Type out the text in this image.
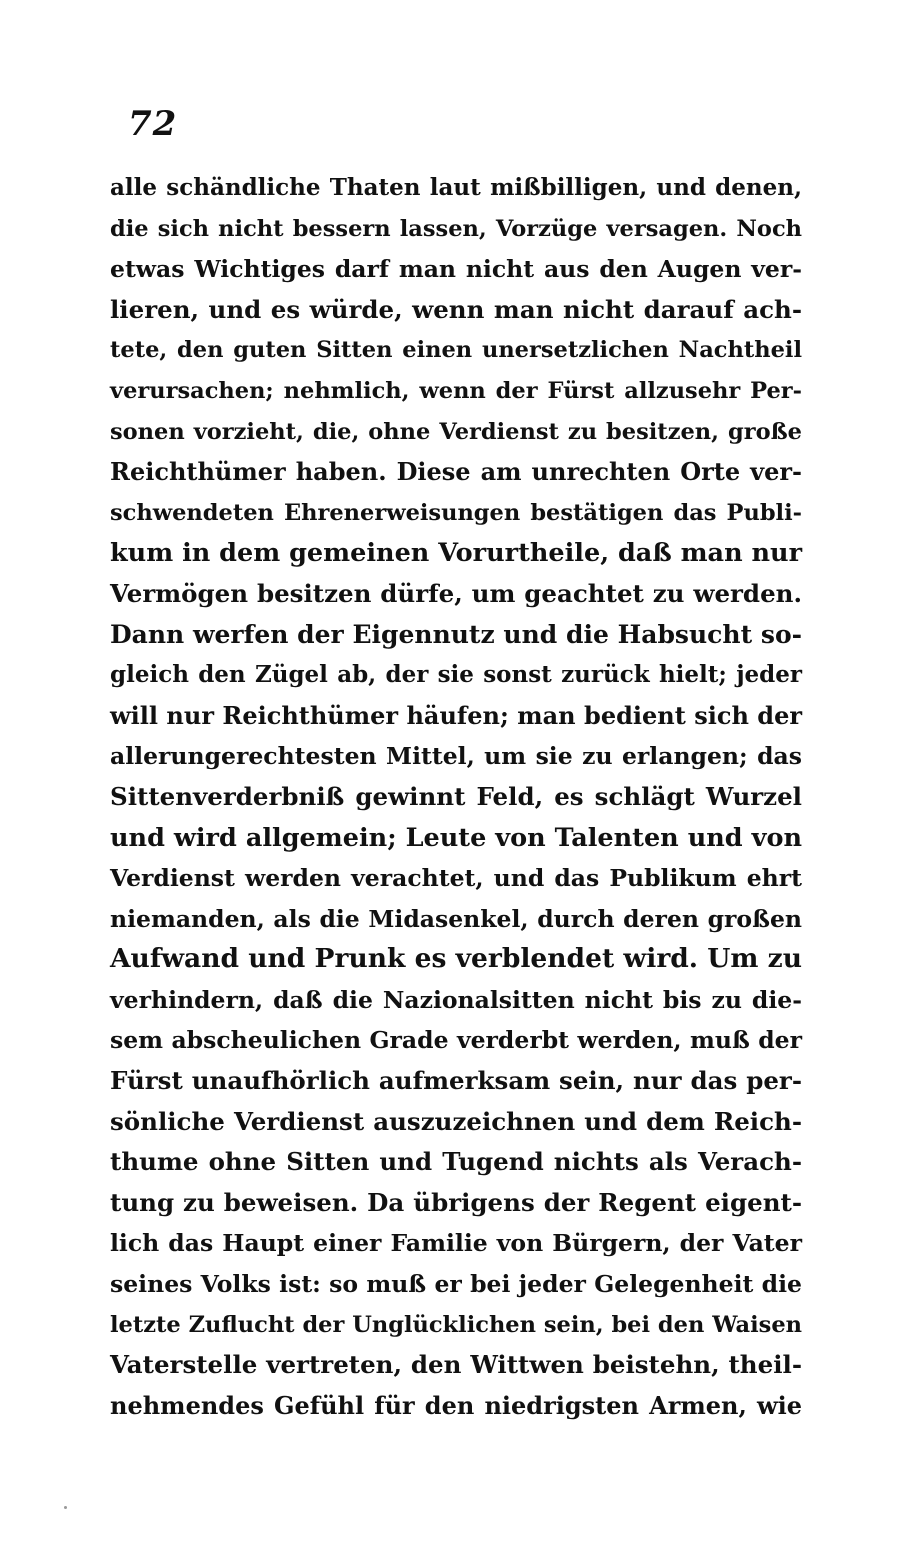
72
alle schändliche Thaten laut mißbilligen, und denen,
die sich nicht bessern lassen, Vorzüge versagen. Noch
etwas Wichtiges darf man nicht aus den Augen ver-
lieren, und es würde, wenn man nicht darauf ach-
tete, den guten Sitten einen unersetzlichen Nachtheil
verursachen; nehmlich, wenn der Fürst allzusehr Per-
sonen vorzieht, die, ohne Verdienst zu besitzen, große
Reichthümer haben. Diese am unrechten Orte ver-
schwendeten Ehrenerweisungen bestätigen das Publi-
kum in dem gemeinen Vorurtheile, daß man nur
Vermögen besitzen dürfe, um geachtet zu werden.
Dann werfen der Eigennutz und die Habsucht so-
gleich den Zügel ab, der sie sonst zurück hielt; jeder
will nur Reichthümer häufen; man bedient sich der
allerungerechtesten Mittel, um sie zu erlangen; das
Sittenverderbniß gewinnt Feld, es schlägt Wurzel
und wird allgemein; Leute von Talenten und von
Verdienst werden verachtet, und das Publikum ehrt
niemanden, als die Midasenkel, durch deren großen
Aufwand und Prunk es verblendet wird. Um zu
verhindern, daß die Nazionalsitten nicht bis zu die-
sem abscheulichen Grade verderbt werden, muß der
Fürst unaufhörlich aufmerksam sein, nur das per-
sönliche Verdienst auszuzeichnen und dem Reich-
thume ohne Sitten und Tugend nichts als Verach-
tung zu beweisen. Da übrigens der Regent eigent-
lich das Haupt einer Familie von Bürgern, der Vater
seines Volks ist: so muß er bei jeder Gelegenheit die
letzte Zuflucht der Unglücklichen sein, bei den Waisen
Vaterstelle vertreten, den Wittwen beistehn, theil-
nehmendes Gefühl für den niedrigsten Armen, wie
